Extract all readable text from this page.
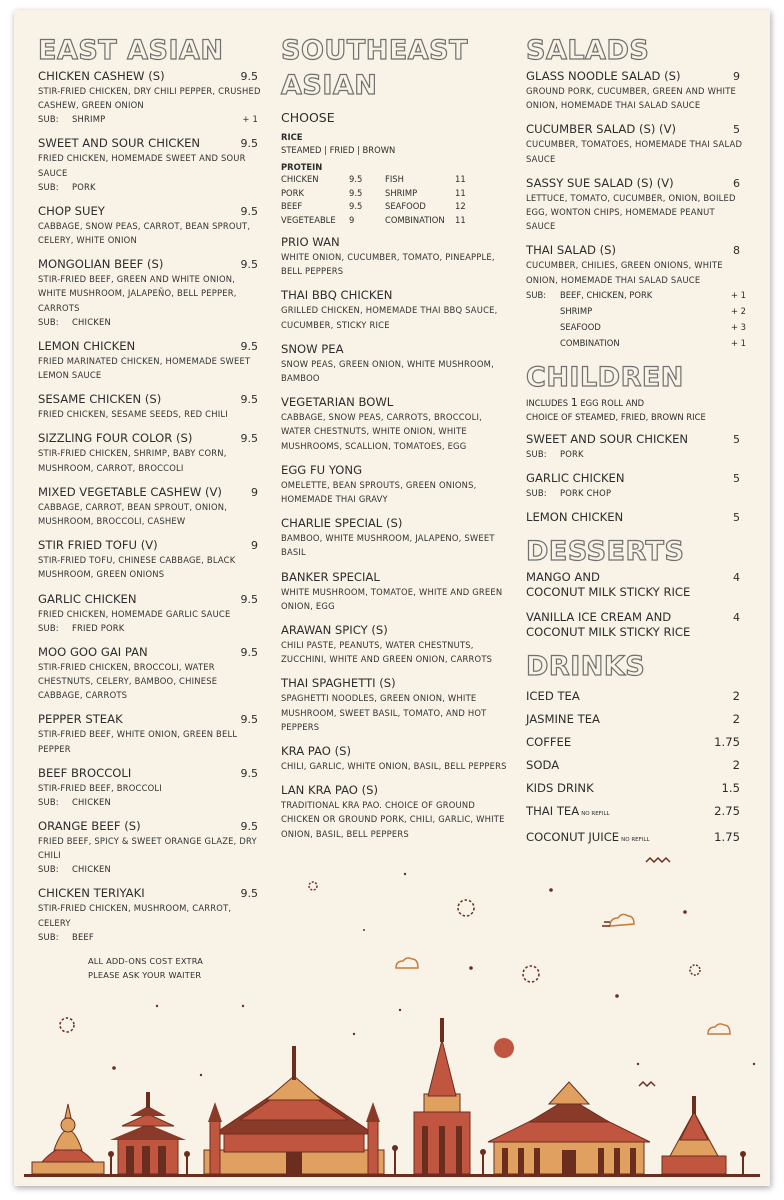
EAST ASIAN
CHICKEN CASHEW (S)	9.5
STIR-FRIED CHICKEN, DRY CHILI PEPPER, CRUSHED CASHEW, GREEN ONION
SUB:	SHRIMP	+ 1
SWEET AND SOUR CHICKEN	9.5
FRIED CHICKEN, HOMEMADE SWEET AND SOUR SAUCE
SUB:	PORK
CHOP SUEY	9.5
CABBAGE, SNOW PEAS, CARROT, BEAN SPROUT, CELERY, WHITE ONION
MONGOLIAN BEEF (S)	9.5
STIR-FRIED BEEF, GREEN AND WHITE ONION, WHITE MUSHROOM, JALAPEÑO, BELL PEPPER, CARROTS
SUB:	CHICKEN
LEMON CHICKEN	9.5
FRIED MARINATED CHICKEN, HOMEMADE SWEET LEMON SAUCE
SESAME CHICKEN (S)	9.5
FRIED CHICKEN, SESAME SEEDS, RED CHILI
SIZZLING FOUR COLOR (S)	9.5
STIR-FRIED CHICKEN, SHRIMP, BABY CORN, MUSHROOM, CARROT, BROCCOLI
MIXED VEGETABLE CASHEW (V)	9
CABBAGE, CARROT, BEAN SPROUT, ONION, MUSHROOM, BROCCOLI, CASHEW
STIR FRIED TOFU (V)	9
STIR-FRIED TOFU, CHINESE CABBAGE, BLACK MUSHROOM, GREEN ONIONS
GARLIC CHICKEN	9.5
FRIED CHICKEN, HOMEMADE GARLIC SAUCE
SUB:	FRIED PORK
MOO GOO GAI PAN	9.5
STIR-FRIED CHICKEN, BROCCOLI, WATER CHESTNUTS, CELERY, BAMBOO, CHINESE CABBAGE, CARROTS
PEPPER STEAK	9.5
STIR-FRIED BEEF, WHITE ONION, GREEN BELL PEPPER
BEEF BROCCOLI	9.5
STIR-FRIED BEEF, BROCCOLI
SUB:	CHICKEN
ORANGE BEEF (S)	9.5
FRIED BEEF, SPICY & SWEET ORANGE GLAZE, DRY CHILI
SUB:	CHICKEN
CHICKEN TERIYAKI	9.5
STIR-FRIED CHICKEN, MUSHROOM, CARROT, CELERY
SUB:	BEEF
ALL ADD-ONS COST EXTRA
PLEASE ASK YOUR WAITER
SOUTHEAST
ASIAN
CHOOSE
RICE
STEAMED | FRIED | BROWN
PROTEIN
CHICKEN	9.5	FISH	11
PORK	9.5	SHRIMP	11
BEEF	9.5	SEAFOOD	12
VEGETEABLE	9	COMBINATION	11
PRIO WAN
WHITE ONION, CUCUMBER, TOMATO, PINEAPPLE, BELL PEPPERS
THAI BBQ CHICKEN
GRILLED CHICKEN, HOMEMADE THAI BBQ SAUCE, CUCUMBER, STICKY RICE
SNOW PEA
SNOW PEAS, GREEN ONION, WHITE MUSHROOM, BAMBOO
VEGETARIAN BOWL
CABBAGE, SNOW PEAS, CARROTS, BROCCOLI, WATER CHESTNUTS, WHITE ONION, WHITE MUSHROOMS, SCALLION, TOMATOES, EGG
EGG FU YONG
OMELETTE, BEAN SPROUTS, GREEN ONIONS, HOMEMADE THAI GRAVY
CHARLIE SPECIAL (S)
BAMBOO, WHITE MUSHROOM, JALAPENO, SWEET BASIL
BANKER SPECIAL
WHITE MUSHROOM, TOMATOE, WHITE AND GREEN ONION, EGG
ARAWAN SPICY (S)
CHILI PASTE, PEANUTS, WATER CHESTNUTS, ZUCCHINI, WHITE AND GREEN ONION, CARROTS
THAI SPAGHETTI (S)
SPAGHETTI NOODLES, GREEN ONION, WHITE MUSHROOM, SWEET BASIL, TOMATO, AND HOT PEPPERS
KRA PAO (S)
CHILI, GARLIC, WHITE ONION, BASIL, BELL PEPPERS
LAN KRA PAO (S)
TRADITIONAL KRA PAO. CHOICE OF GROUND CHICKEN OR GROUND PORK, CHILI, GARLIC, WHITE ONION, BASIL, BELL PEPPERS
SALADS
GLASS NOODLE SALAD (S)	9
GROUND PORK, CUCUMBER, GREEN AND WHITE ONION, HOMEMADE THAI SALAD SAUCE
CUCUMBER SALAD (S) (V)	5
CUCUMBER, TOMATOES, HOMEMADE THAI SALAD SAUCE
SASSY SUE SALAD (S) (V)	6
LETTUCE, TOMATO, CUCUMBER, ONION, BOILED EGG, WONTON CHIPS, HOMEMADE PEANUT SAUCE
THAI SALAD (S)	8
CUCUMBER, CHILIES, GREEN ONIONS, WHITE ONION, HOMEMADE THAI SALAD SAUCE
SUB:	BEEF, CHICKEN, PORK	+ 1
SHRIMP	+ 2
SEAFOOD	+ 3
COMBINATION	+ 1
CHILDREN
INCLUDES 1 EGG ROLL AND
CHOICE OF STEAMED, FRIED, BROWN RICE
SWEET AND SOUR CHICKEN	5
SUB:	PORK
GARLIC CHICKEN	5
SUB:	PORK CHOP
LEMON CHICKEN	5
DESSERTS
MANGO AND	4
COCONUT MILK STICKY RICE
VANILLA ICE CREAM AND	4
COCONUT MILK STICKY RICE
DRINKS
ICED TEA	2
JASMINE TEA	2
COFFEE	1.75
SODA	2
KIDS DRINK	1.5
THAI TEA NO REFILL	2.75
COCONUT JUICE NO REFILL	1.75
